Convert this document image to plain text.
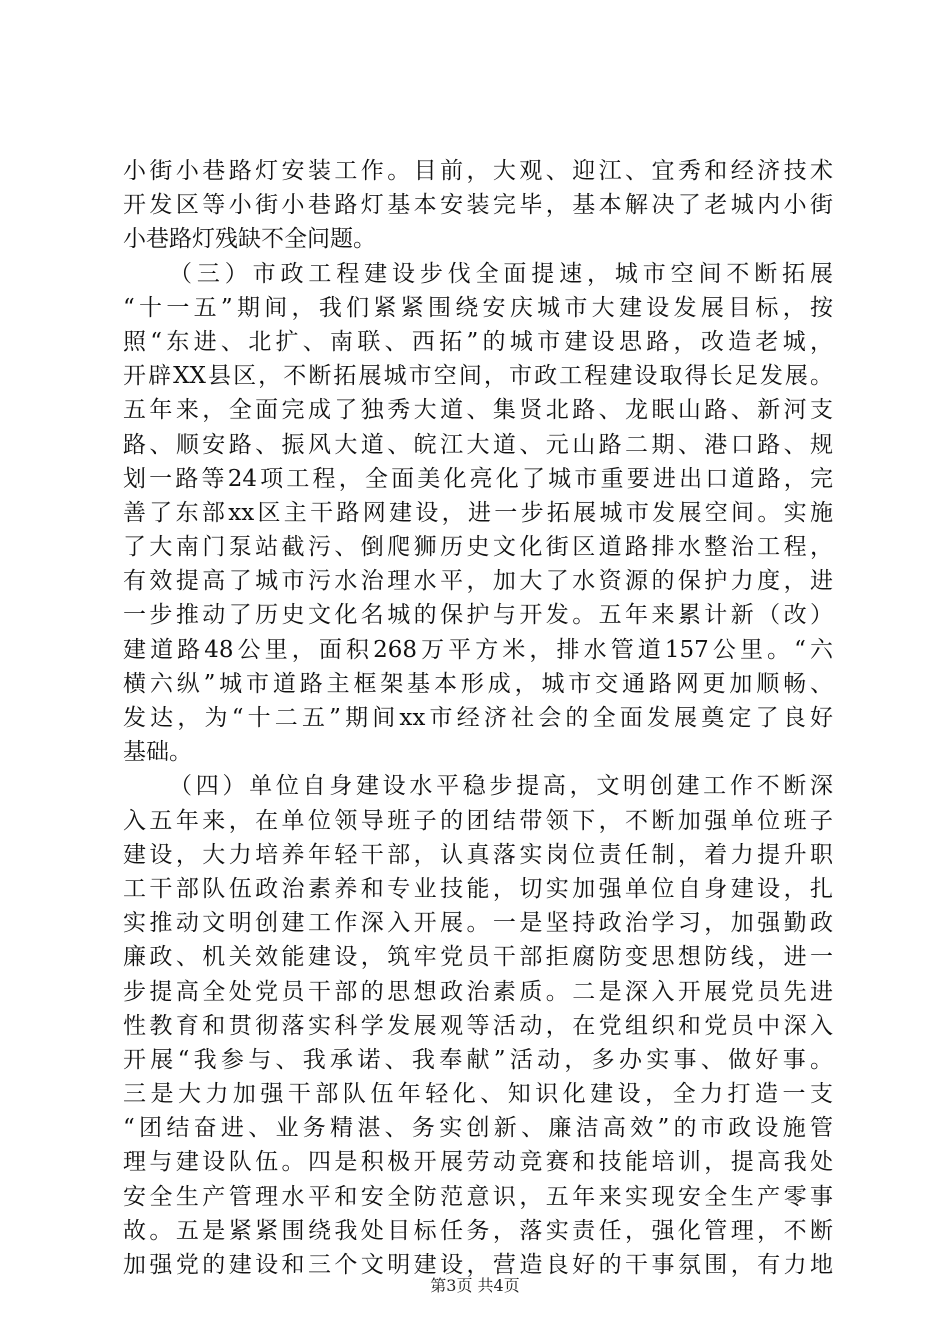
小街小巷路灯安装工作。目前，大观、迎江、宜秀和经济技术
开发区等小街小巷路灯基本安装完毕，基本解决了老城内小街
小巷路灯残缺不全问题。
（三）市政工程建设步伐全面提速，城市空间不断拓展
“十一五”期间，我们紧紧围绕安庆城市大建设发展目标，按
照“东进、北扩、南联、西拓”的城市建设思路，改造老城，
开辟XX县区，不断拓展城市空间，市政工程建设取得长足发展。
五年来，全面完成了独秀大道、集贤北路、龙眠山路、新河支
路、顺安路、振风大道、皖江大道、元山路二期、港口路、规
划一路等24项工程，全面美化亮化了城市重要进出口道路，完
善了东部xx区主干路网建设，进一步拓展城市发展空间。实施
了大南门泵站截污、倒爬狮历史文化街区道路排水整治工程，
有效提高了城市污水治理水平，加大了水资源的保护力度，进
一步推动了历史文化名城的保护与开发。五年来累计新（改）
建道路48公里，面积268万平方米，排水管道157公里。“六
横六纵”城市道路主框架基本形成，城市交通路网更加顺畅、
发达，为“十二五”期间xx市经济社会的全面发展奠定了良好
基础。
（四）单位自身建设水平稳步提高，文明创建工作不断深
入五年来，在单位领导班子的团结带领下，不断加强单位班子
建设，大力培养年轻干部，认真落实岗位责任制，着力提升职
工干部队伍政治素养和专业技能，切实加强单位自身建设，扎
实推动文明创建工作深入开展。一是坚持政治学习，加强勤政
廉政、机关效能建设，筑牢党员干部拒腐防变思想防线，进一
步提高全处党员干部的思想政治素质。二是深入开展党员先进
性教育和贯彻落实科学发展观等活动，在党组织和党员中深入
开展“我参与、我承诺、我奉献”活动，多办实事、做好事。
三是大力加强干部队伍年轻化、知识化建设，全力打造一支
“团结奋进、业务精湛、务实创新、廉洁高效”的市政设施管
理与建设队伍。四是积极开展劳动竞赛和技能培训，提高我处
安全生产管理水平和安全防范意识，五年来实现安全生产零事
故。五是紧紧围绕我处目标任务，落实责任，强化管理，不断
加强党的建设和三个文明建设，营造良好的干事氛围，有力地
第3页 共4页
